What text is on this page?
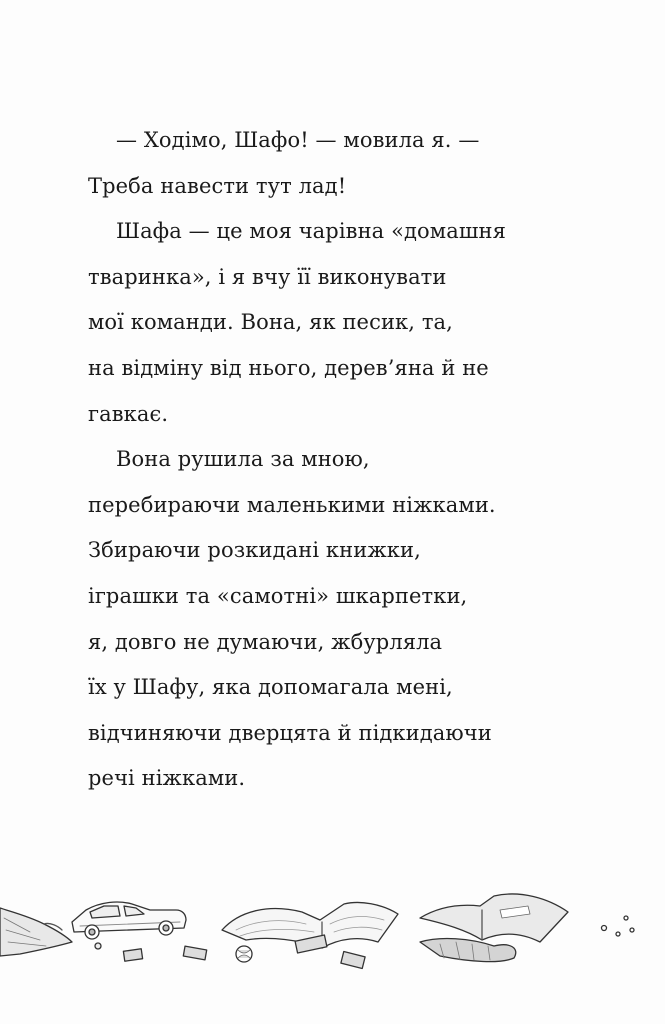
— Ходімо, Шафо! — мовила я. —
Треба навести тут лад!
Шафа — це моя чарівна «домашня
тваринка», і я вчу її виконувати
мої команди. Вона, як песик, та,
на відміну від нього, дерев’яна й не
гавкає.
Вона рушила за мною,
перебираючи маленькими ніжками.
Збираючи розкидані книжки,
іграшки та «самотні» шкарпетки,
я, довго не думаючи, жбурляла
їх у Шафу, яка допомагала мені,
відчиняючи дверцята й підкидаючи
речі ніжками.
